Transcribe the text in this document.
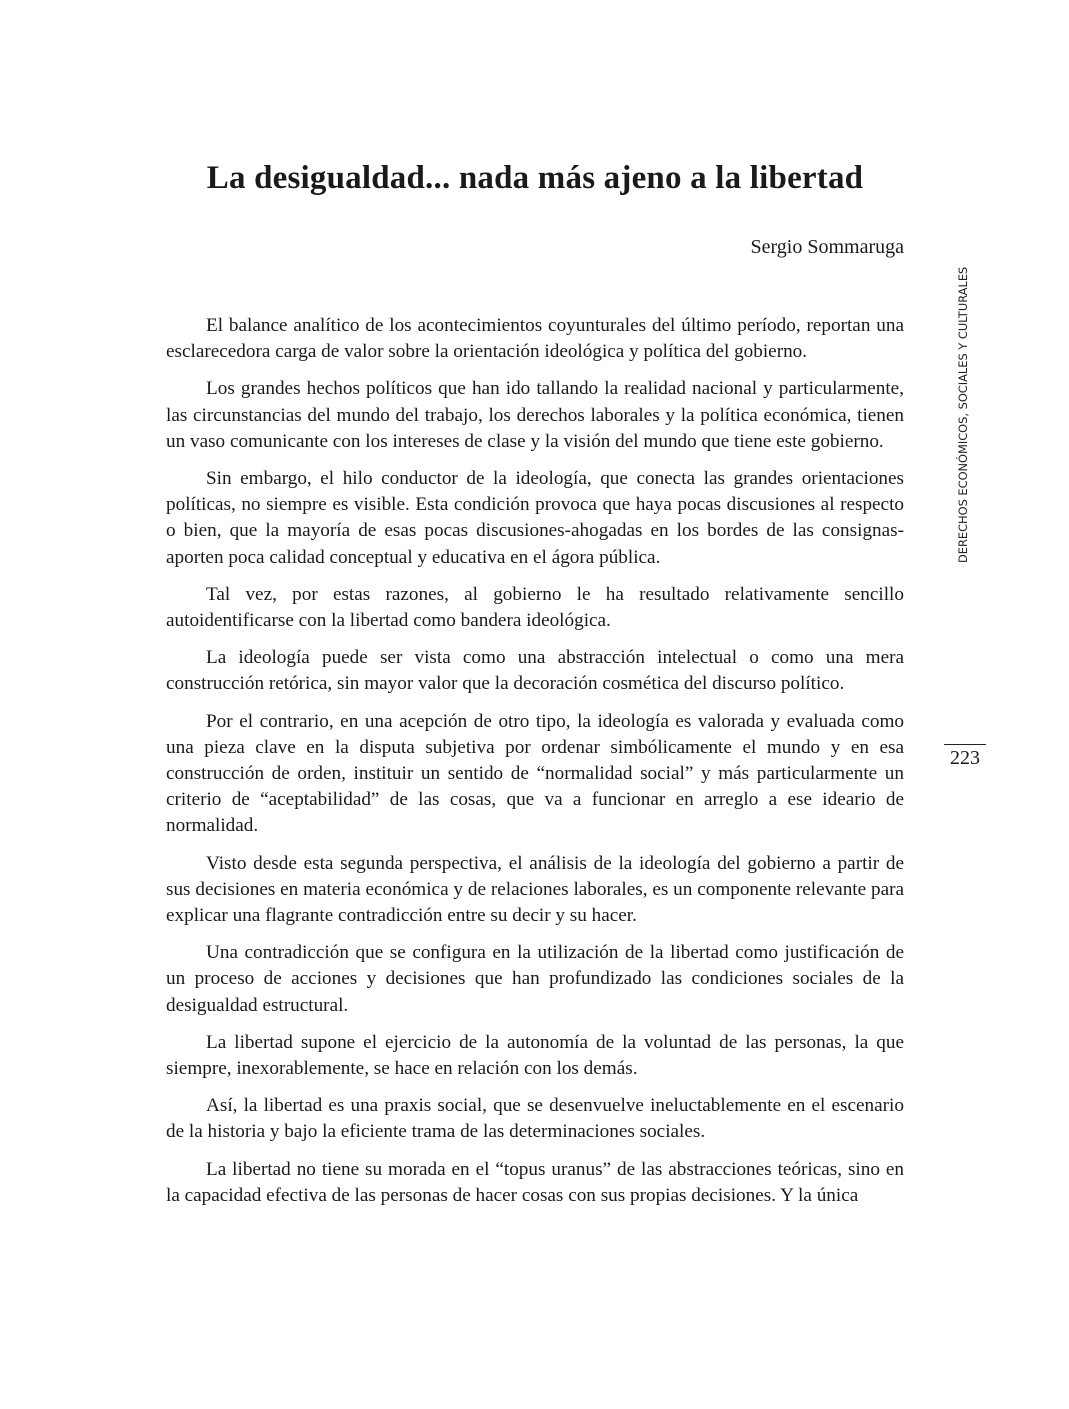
La desigualdad... nada más ajeno a la libertad

Sergio Sommaruga

El balance analítico de los acontecimientos coyunturales del último período, reportan una esclarecedora carga de valor sobre la orientación ideológica y política del gobierno.

Los grandes hechos políticos que han ido tallando la realidad nacional y particularmente, las circunstancias del mundo del trabajo, los derechos laborales y la política económica, tienen un vaso comunicante con los intereses de clase y la visión del mundo que tiene este gobierno.

Sin embargo, el hilo conductor de la ideología, que conecta las grandes orientaciones políticas, no siempre es visible. Esta condición provoca que haya pocas discusiones al respecto o bien, que la mayoría de esas pocas discusiones-ahogadas en los bordes de las consignas- aporten poca calidad conceptual y educativa en el ágora pública.

Tal vez, por estas razones, al gobierno le ha resultado relativamente sencillo autoidentificarse con la libertad como bandera ideológica.

La ideología puede ser vista como una abstracción intelectual o como una mera construcción retórica, sin mayor valor que la decoración cosmética del discurso político.

Por el contrario, en una acepción de otro tipo, la ideología es valorada y evaluada como una pieza clave en la disputa subjetiva por ordenar simbólicamente el mundo y en esa construcción de orden, instituir un sentido de “normalidad social” y más particularmente un criterio de “aceptabilidad” de las cosas, que va a funcionar en arreglo a ese ideario de normalidad.

Visto desde esta segunda perspectiva, el análisis de la ideología del gobierno a partir de sus decisiones en materia económica y de relaciones laborales, es un componente relevante para explicar una flagrante contradicción entre su decir y su hacer.

Una contradicción que se configura en la utilización de la libertad como justificación de un proceso de acciones y decisiones que han profundizado las condiciones sociales de la desigualdad estructural.

La libertad supone el ejercicio de la autonomía de la voluntad de las personas, la que siempre, inexorablemente, se hace en relación con los demás.

Así, la libertad es una praxis social, que se desenvuelve ineluctablemente en el escenario de la historia y bajo la eficiente trama de las determinaciones sociales.

La libertad no tiene su morada en el “topus uranus” de las abstracciones teóricas, sino en la capacidad efectiva de las personas de hacer cosas con sus propias decisiones. Y la única

DERECHOS ECONÓMICOS, SOCIALES Y CULTURALES
223
